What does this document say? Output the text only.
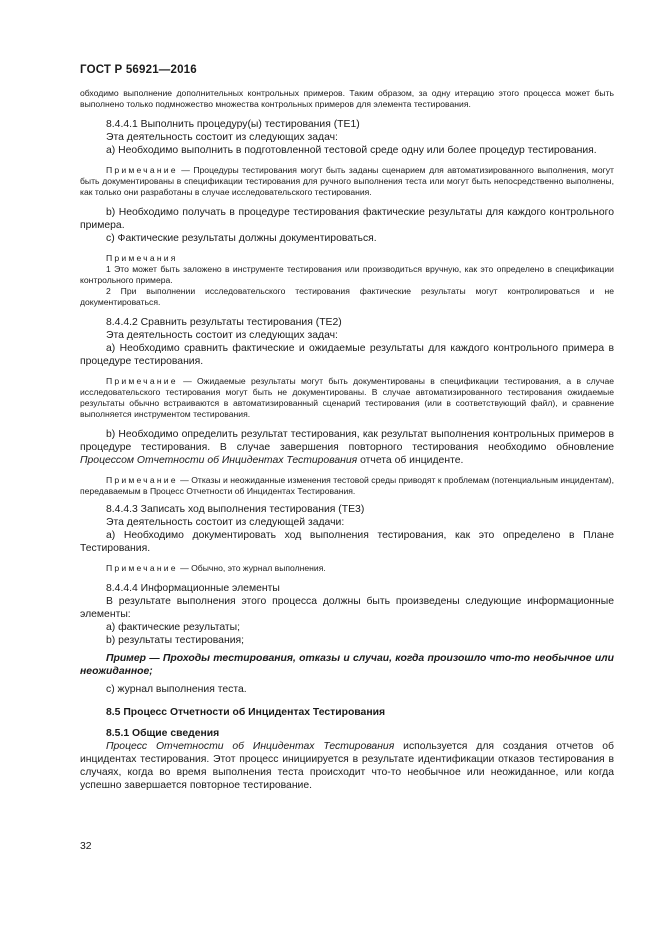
ГОСТ Р 56921—2016

обходимо выполнение дополнительных контрольных примеров. Таким образом, за одну итерацию этого процесса может быть выполнено только подмножество множества контрольных примеров для элемента тестирования.

8.4.4.1 Выполнить процедуру(ы) тестирования (TE1)

Эта деятельность состоит из следующих задач:

a) Необходимо выполнить в подготовленной тестовой среде одну или более процедур тестирования.

Примечание — Процедуры тестирования могут быть заданы сценарием для автоматизированного выполнения, могут быть документированы в спецификации тестирования для ручного выполнения теста или могут быть непосредственно выполнены, как только они разработаны в случае исследовательского тестирования.

b) Необходимо получать в процедуре тестирования фактические результаты для каждого контрольного примера.

c) Фактические результаты должны документироваться.

Примечания

1 Это может быть заложено в инструменте тестирования или производиться вручную, как это определено в спецификации контрольного примера.

2 При выполнении исследовательского тестирования фактические результаты могут контролироваться и не документироваться.

8.4.4.2 Сравнить результаты тестирования (TE2)

Эта деятельность состоит из следующих задач:

a) Необходимо сравнить фактические и ожидаемые результаты для каждого контрольного примера в процедуре тестирования.

Примечание — Ожидаемые результаты могут быть документированы в спецификации тестирования, а в случае исследовательского тестирования могут быть не документированы. В случае автоматизированного тестирования ожидаемые результаты обычно встраиваются в автоматизированный сценарий тестирования (или в соответствующий файл), и сравнение выполняется инструментом тестирования.

b) Необходимо определить результат тестирования, как результат выполнения контрольных примеров в процедуре тестирования. В случае завершения повторного тестирования необходимо обновление Процессом Отчетности об Инцидентах Тестирования отчета об инциденте.

Примечание — Отказы и неожиданные изменения тестовой среды приводят к проблемам (потенциальным инцидентам), передаваемым в Процесс Отчетности об Инцидентах Тестирования.

8.4.4.3 Записать ход выполнения тестирования (TE3)

Эта деятельность состоит из следующей задачи:

a) Необходимо документировать ход выполнения тестирования, как это определено в Плане Тестирования.

Примечание — Обычно, это журнал выполнения.

8.4.4.4 Информационные элементы

В результате выполнения этого процесса должны быть произведены следующие информационные элементы:

a) фактические результаты;

b) результаты тестирования;

Пример — Проходы тестирования, отказы и случаи, когда произошло что-то необычное или неожиданное;

c) журнал выполнения теста.

8.5 Процесс Отчетности об Инцидентах Тестирования

8.5.1 Общие сведения

Процесс Отчетности об Инцидентах Тестирования используется для создания отчетов об инцидентах тестирования. Этот процесс инициируется в результате идентификации отказов тестирования в случаях, когда во время выполнения теста происходит что-то необычное или неожиданное, или когда успешно завершается повторное тестирование.

32
